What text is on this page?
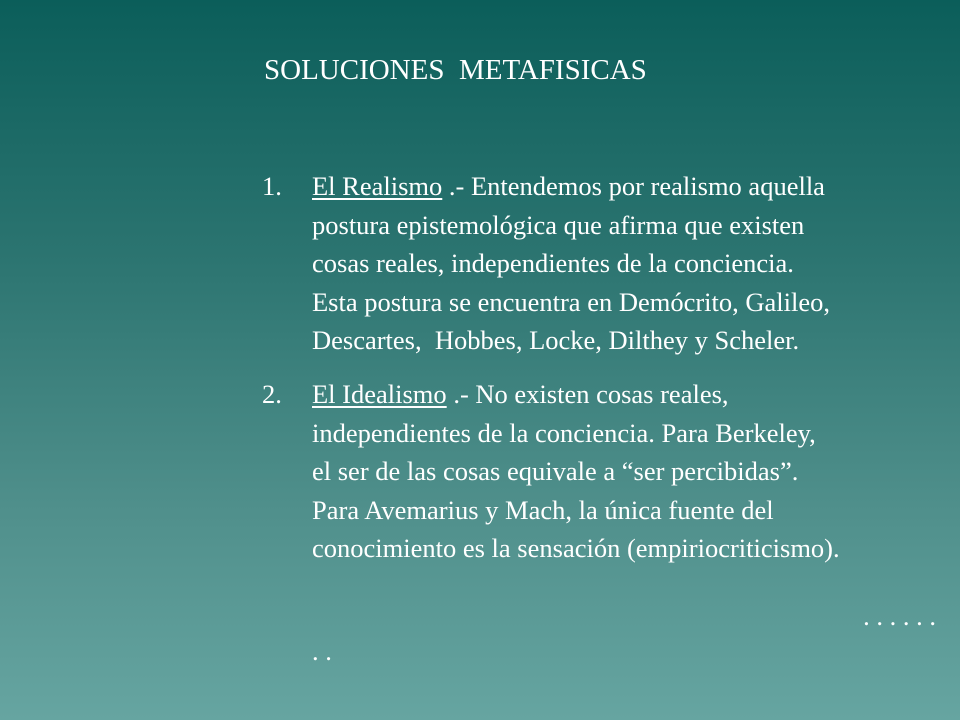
SOLUCIONES  METAFISICAS
1. El Realismo .- Entendemos por realismo aquella
postura epistemológica que afirma que existen
cosas reales, independientes de la conciencia.
Esta postura se encuentra en Demócrito, Galileo,
Descartes,  Hobbes, Locke, Dilthey y Scheler.
2. El Idealismo .- No existen cosas reales,
independientes de la conciencia. Para Berkeley,
el ser de las cosas equivale a “ser percibidas”.
Para Avemarius y Mach, la única fuente del
conocimiento es la sensación (empiriocriticismo).
. . . . . .
. .
